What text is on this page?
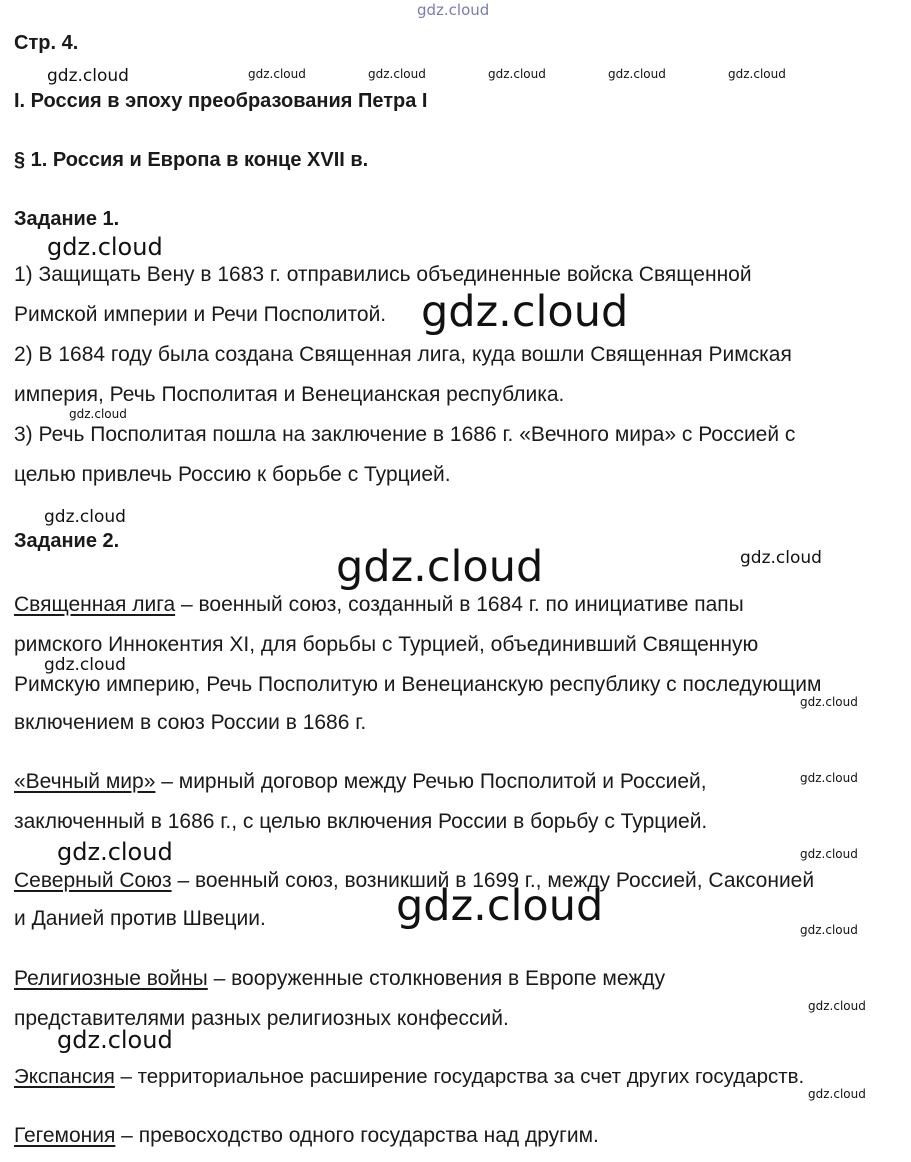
Стр. 4.
I. Россия в эпоху преобразования Петра I
§ 1. Россия и Европа в конце XVII в.
Задание 1.
1) Защищать Вену в 1683 г. отправились объединенные войска Священной
Римской империи и Речи Посполитой.
2) В 1684 году была создана Священная лига, куда вошли Священная Римская
империя, Речь Посполитая и Венецианская республика.
3) Речь Посполитая пошла на заключение в 1686 г. «Вечного мира» с Россией с
целью привлечь Россию к борьбе с Турцией.
Задание 2.
Священная лига – военный союз, созданный в 1684 г. по инициативе папы
римского Иннокентия XI, для борьбы с Турцией, объединивший Священную
Римскую империю, Речь Посполитую и Венецианскую республику с последующим
включением в союз России в 1686 г.
«Вечный мир» – мирный договор между Речью Посполитой и Россией,
заключенный в 1686 г., с целью включения России в борьбу с Турцией.
Северный Союз – военный союз, возникший в 1699 г., между Россией, Саксонией
и Данией против Швеции.
Религиозные войны – вооруженные столкновения в Европе между
представителями разных религиозных конфессий.
Экспансия – территориальное расширение государства за счет других государств.
Гегемония – превосходство одного государства над другим.
gdz.cloud
gdz.cloud	gdz.cloud	gdz.cloud	gdz.cloud	gdz.cloud	gdz.cloud
gdz.cloud
gdz.cloud
gdz.cloud
gdz.cloud
gdz.cloud	gdz.cloud
gdz.cloud
gdz.cloud
gdz.cloud
gdz.cloud	gdz.cloud
gdz.cloud	gdz.cloud
gdz.cloud
gdz.cloud
gdz.cloud
